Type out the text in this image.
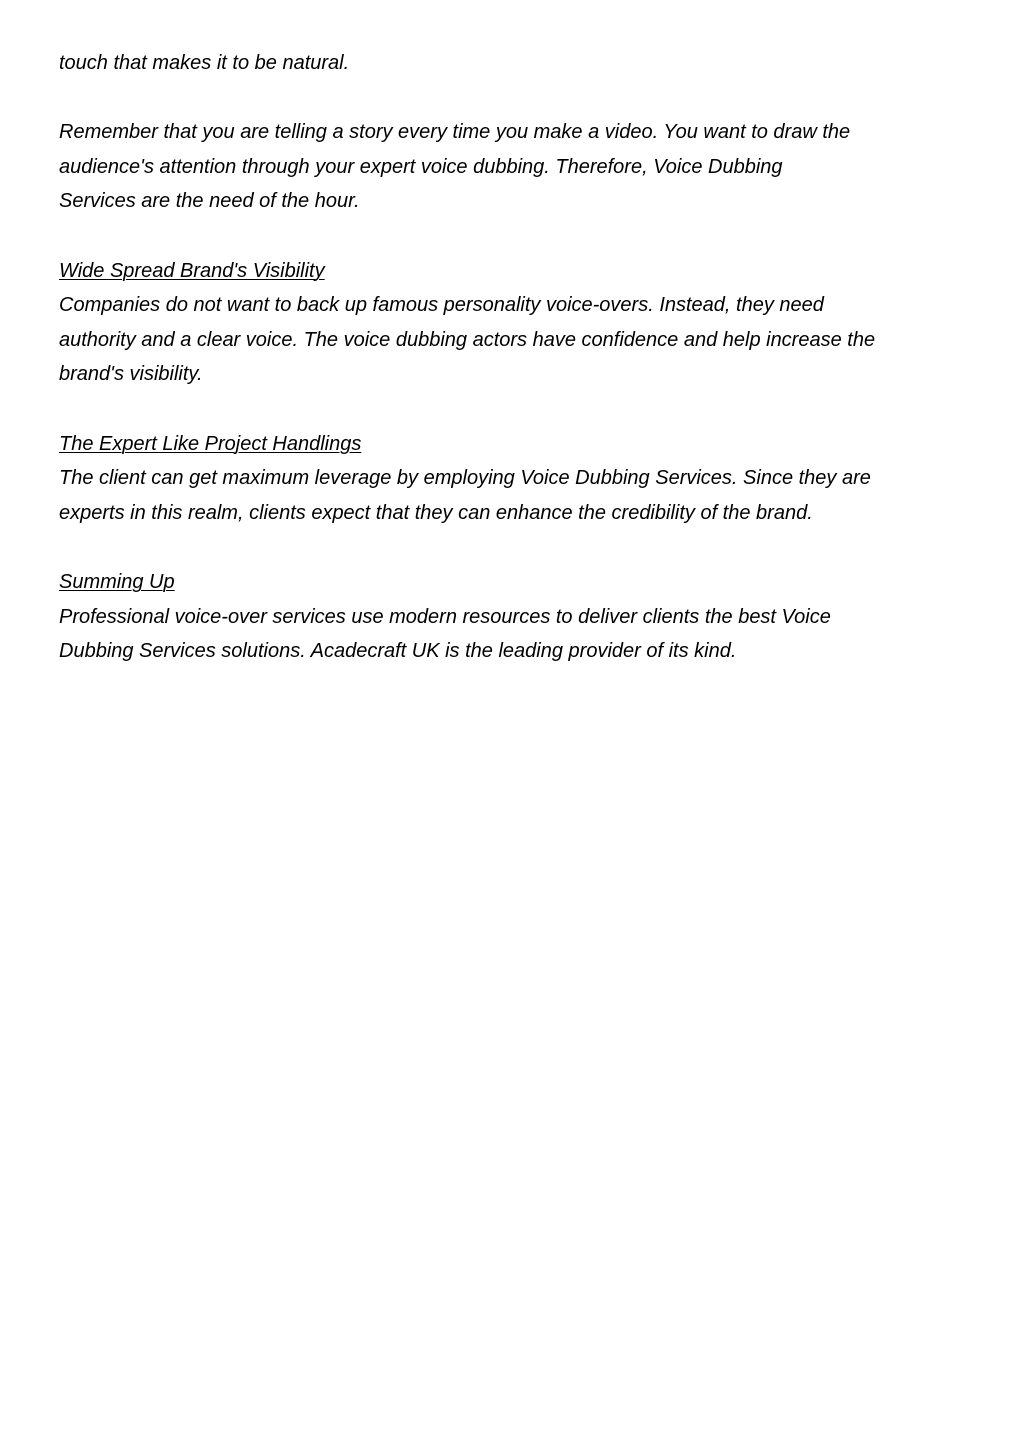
touch that makes it to be natural.

Remember that you are telling a story every time you make a video. You want to draw the
audience's attention through your expert voice dubbing. Therefore, Voice Dubbing
Services are the need of the hour.

Wide Spread Brand's Visibility
Companies do not want to back up famous personality voice-overs. Instead, they need
authority and a clear voice. The voice dubbing actors have confidence and help increase the
brand's visibility.
The Expert Like Project Handlings
The client can get maximum leverage by employing Voice Dubbing Services. Since they are
experts in this realm, clients expect that they can enhance the credibility of the brand.
Summing Up
Professional voice-over services use modern resources to deliver clients the best Voice
Dubbing Services solutions. Acadecraft UK is the leading provider of its kind.
